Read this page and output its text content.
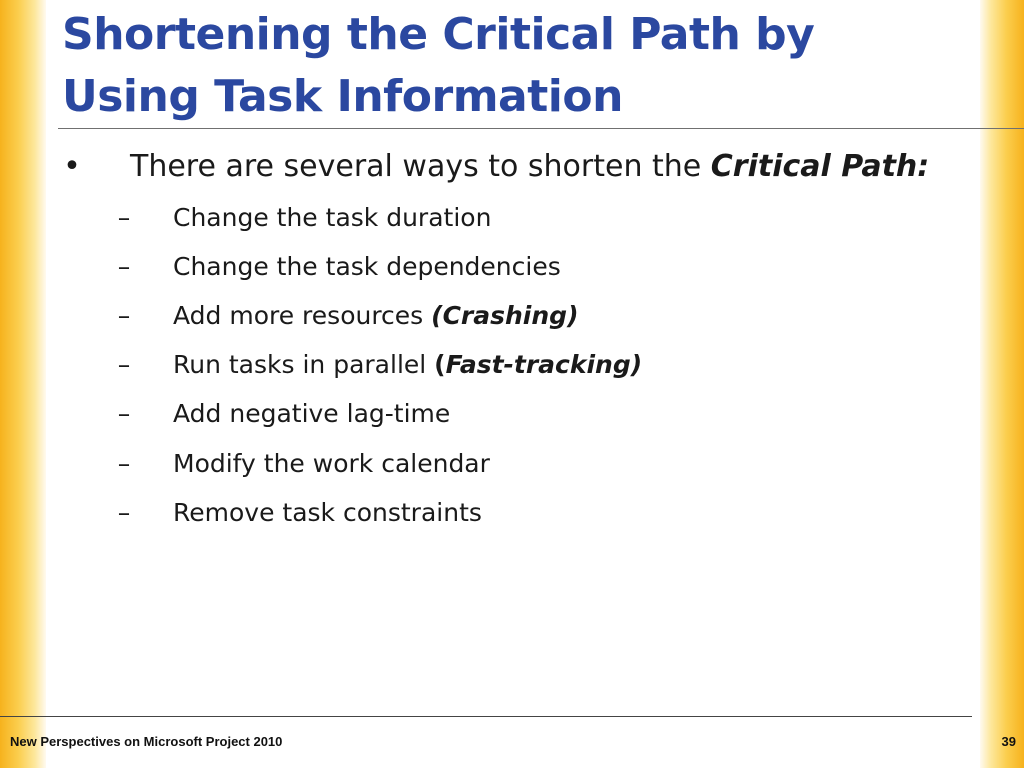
Shortening the Critical Path by Using Task Information
• There are several ways to shorten the Critical Path:
– Change the task duration
– Change the task dependencies
– Add more resources (Crashing)
– Run tasks in parallel (Fast-tracking)
– Add negative lag-time
– Modify the work calendar
– Remove task constraints
New Perspectives on Microsoft Project 2010	39
